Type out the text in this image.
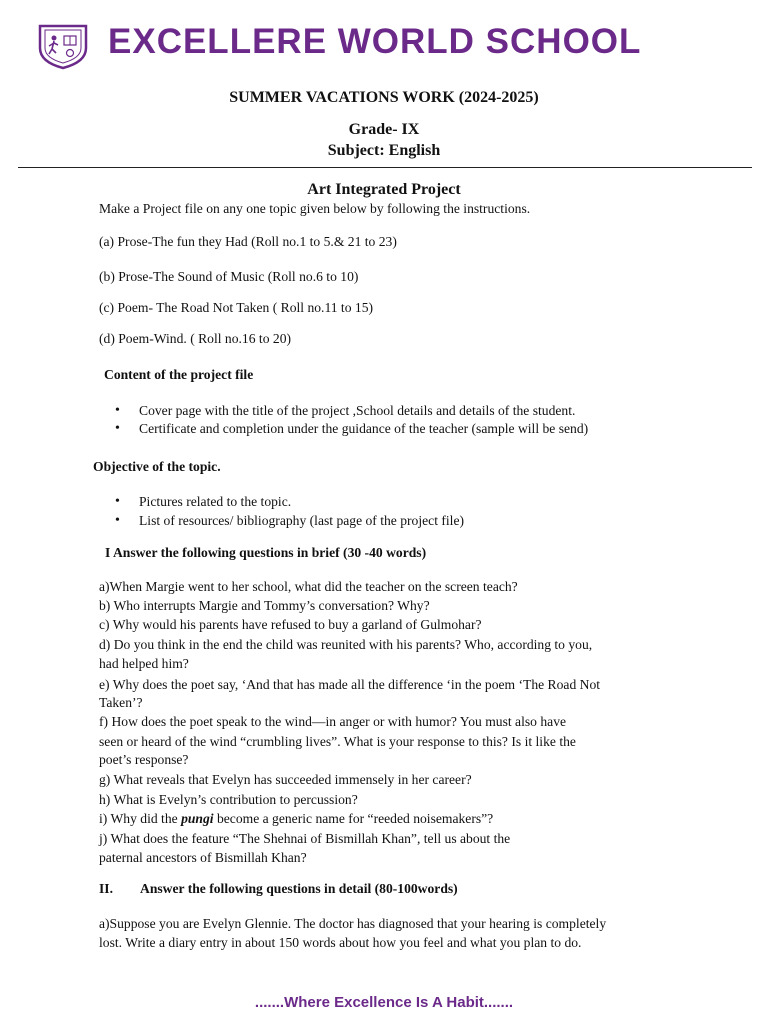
EXCELLERE WORLD SCHOOL
SUMMER VACATIONS WORK (2024-2025)
Grade- IX
Subject: English
Art Integrated Project
Make a Project file on any one topic given below by following the instructions.
(a) Prose-The fun they Had (Roll no.1 to 5.& 21 to 23)
(b) Prose-The Sound of Music (Roll no.6 to 10)
(c) Poem- The Road Not Taken ( Roll no.11 to 15)
(d) Poem-Wind. ( Roll no.16 to 20)
Content of the project file
• Cover page with the title of the project ,School details and details of the student.
• Certificate and completion under the guidance of the teacher (sample will be send)
Objective of the topic.
• Pictures related to the topic.
• List of resources/ bibliography (last page of the project file)
I Answer the following questions in brief (30 -40 words)
a)When Margie went to her school, what did the teacher on the screen teach?
b) Who interrupts Margie and Tommy’s conversation? Why?
c) Why would his parents have refused to buy a garland of Gulmohar?
d) Do you think in the end the child was reunited with his parents? Who, according to you,
had helped him?
e) Why does the poet say, ‘And that has made all the difference ‘in the poem ‘The Road Not
Taken’?
f) How does the poet speak to the wind—in anger or with humor? You must also have
seen or heard of the wind “crumbling lives”. What is your response to this? Is it like the
poet’s response?
g) What reveals that Evelyn has succeeded immensely in her career?
h) What is Evelyn’s contribution to percussion?
i) Why did the pungi become a generic name for “reeded noisemakers”?
j) What does the feature “The Shehnai of Bismillah Khan”, tell us about the
paternal ancestors of Bismillah Khan?
II. Answer the following questions in detail (80-100words)
a)Suppose you are Evelyn Glennie. The doctor has diagnosed that your hearing is completely
lost. Write a diary entry in about 150 words about how you feel and what you plan to do.
.......Where Excellence Is A Habit.......
